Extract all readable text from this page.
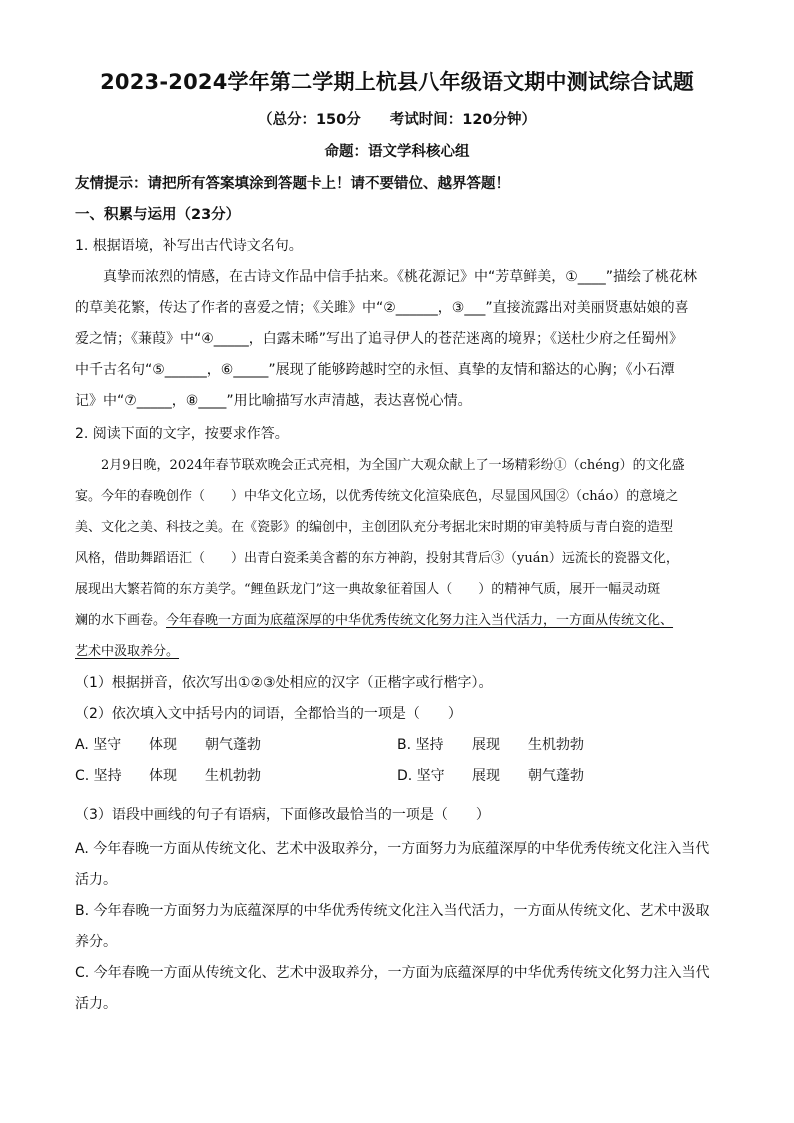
2023-2024学年第二学期上杭县八年级语文期中测试综合试题
（总分：150分　　考试时间：120分钟）
命题：语文学科核心组
友情提示：请把所有答案填涂到答题卡上！请不要错位、越界答题！
一、积累与运用（23分）
1. 根据语境，补写出古代诗文名句。
真挚而浓烈的情感，在古诗文作品中信手拈来。《桃花源记》中“芳草鲜美，①____”描绘了桃花林
的草美花繁，传达了作者的喜爱之情；《关雎》中“②______，③___”直接流露出对美丽贤惠姑娘的喜
爱之情；《蒹葭》中“④_____，白露未晞”写出了追寻伊人的苍茫迷离的境界；《送杜少府之任蜀州》
中千古名句“⑤______，⑥_____”展现了能够跨越时空的永恒、真挚的友情和豁达的心胸；《小石潭
记》中“⑦_____，⑧____”用比喻描写水声清越，表达喜悦心情。
2. 阅读下面的文字，按要求作答。
2月9日晚，2024年春节联欢晚会正式亮相，为全国广大观众献上了一场精彩纷①（chéng）的文化盛
宴。今年的春晚创作（　　）中华文化立场，以优秀传统文化渲染底色，尽显国风国②（cháo）的意境之
美、文化之美、科技之美。在《瓷影》的编创中，主创团队充分考据北宋时期的审美特质与青白瓷的造型
风格，借助舞蹈语汇（　　）出青白瓷柔美含蓄的东方神韵，投射其背后③（yuán）远流长的瓷器文化，
展现出大繁若简的东方美学。“鲤鱼跃龙门”这一典故象征着国人（　　）的精神气质，展开一幅灵动斑
斓的水下画卷。今年春晚一方面为底蕴深厚的中华优秀传统文化努力注入当代活力，一方面从传统文化、
艺术中汲取养分。
（1）根据拼音，依次写出①②③处相应的汉字（正楷字或行楷字）。
（2）依次填入文中括号内的词语，全都恰当的一项是（　　）
A. 坚守 体现 朝气蓬勃	B. 坚持 展现 生机勃勃
C. 坚持 体现 生机勃勃	D. 坚守 展现 朝气蓬勃
（3）语段中画线的句子有语病，下面修改最恰当的一项是（　　）
A. 今年春晚一方面从传统文化、艺术中汲取养分，一方面努力为底蕴深厚的中华优秀传统文化注入当代
活力。
B. 今年春晚一方面努力为底蕴深厚的中华优秀传统文化注入当代活力，一方面从传统文化、艺术中汲取
养分。
C. 今年春晚一方面从传统文化、艺术中汲取养分，一方面为底蕴深厚的中华优秀传统文化努力注入当代
活力。
